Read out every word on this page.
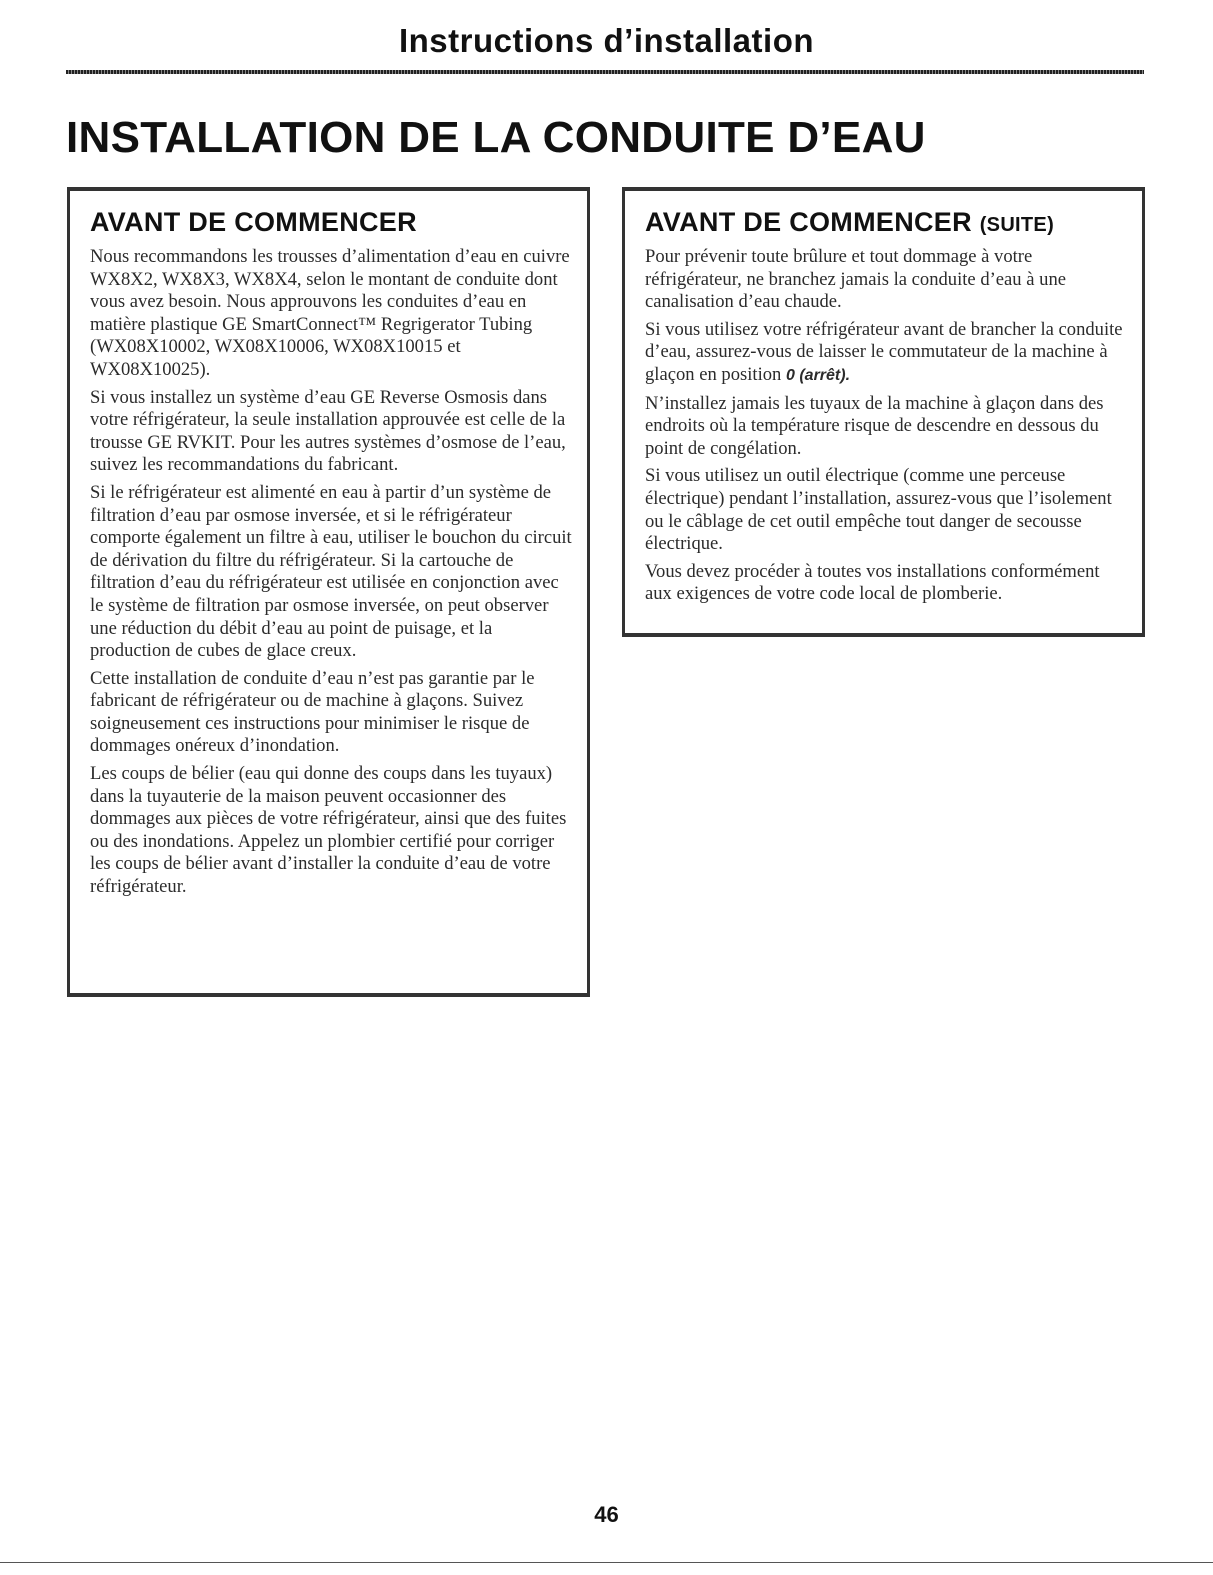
Instructions d’installation
INSTALLATION DE LA CONDUITE D’EAU
AVANT DE COMMENCER

Nous recommandons les trousses d’alimentation d’eau en cuivre WX8X2, WX8X3, WX8X4, selon le montant de conduite dont vous avez besoin. Nous approuvons les conduites d’eau en matière plastique GE SmartConnect™ Regrigerator Tubing (WX08X10002, WX08X10006, WX08X10015 et WX08X10025).

Si vous installez un système d’eau GE Reverse Osmosis dans votre réfrigérateur, la seule installation approuvée est celle de la trousse GE RVKIT. Pour les autres systèmes d’osmose de l’eau, suivez les recommandations du fabricant.

Si le réfrigérateur est alimenté en eau à partir d’un système de filtration d’eau par osmose inversée, et si le réfrigérateur comporte également un filtre à eau, utiliser le bouchon du circuit de dérivation du filtre du réfrigérateur. Si la cartouche de filtration d’eau du réfrigérateur est utilisée en conjonction avec le système de filtration par osmose inversée, on peut observer une réduction du débit d’eau au point de puisage, et la production de cubes de glace creux.

Cette installation de conduite d’eau n’est pas garantie par le fabricant de réfrigérateur ou de machine à glaçons. Suivez soigneusement ces instructions pour minimiser le risque de dommages onéreux d’inondation.

Les coups de bélier (eau qui donne des coups dans les tuyaux) dans la tuyauterie de la maison peuvent occasionner des dommages aux pièces de votre réfrigérateur, ainsi que des fuites ou des inondations. Appelez un plombier certifié pour corriger les coups de bélier avant d’installer la conduite d’eau de votre réfrigérateur.

AVANT DE COMMENCER (SUITE)

Pour prévenir toute brûlure et tout dommage à votre réfrigérateur, ne branchez jamais la conduite d’eau à une canalisation d’eau chaude.

Si vous utilisez votre réfrigérateur avant de brancher la conduite d’eau, assurez-vous de laisser le commutateur de la machine à glaçon en position 0 (arrêt).

N’installez jamais les tuyaux de la machine à glaçon dans des endroits où la température risque de descendre en dessous du point de congélation.

Si vous utilisez un outil électrique (comme une perceuse électrique) pendant l’installation, assurez-vous que l’isolement ou le câblage de cet outil empêche tout danger de secousse électrique.

Vous devez procéder à toutes vos installations conformément aux exigences de votre code local de plomberie.

46
